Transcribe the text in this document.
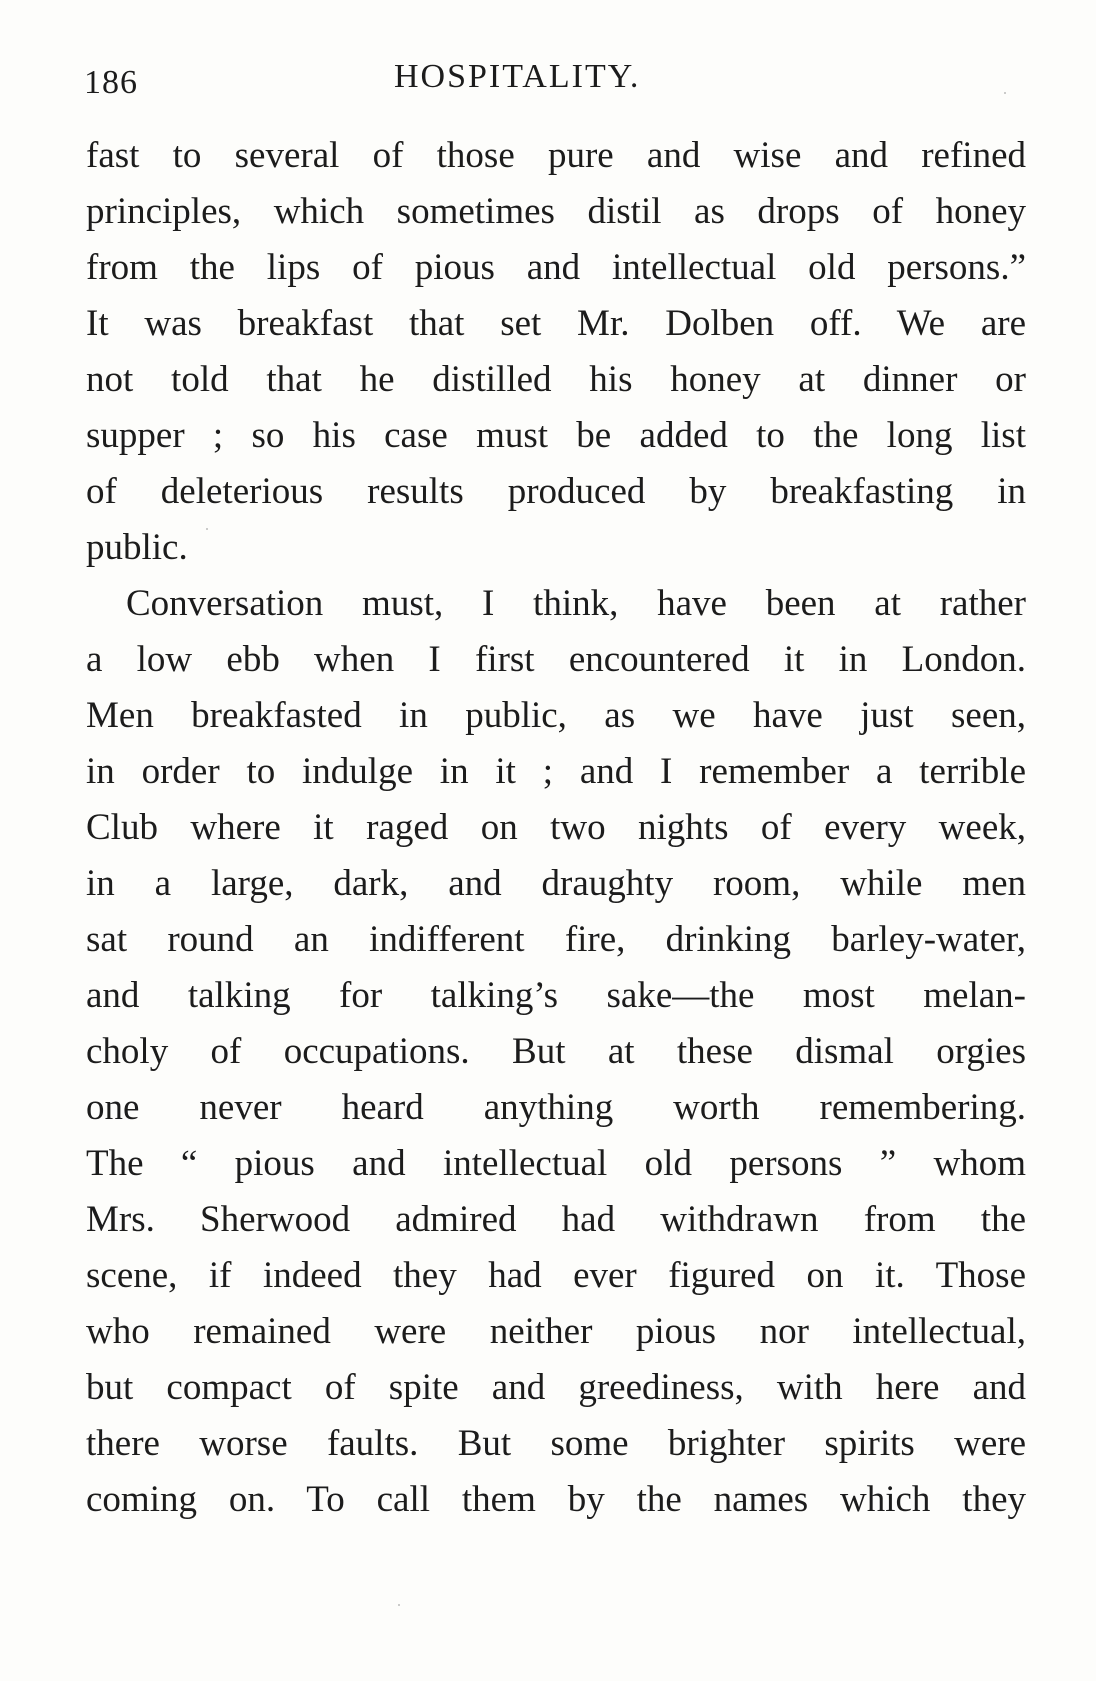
186	HOSPITALITY.
fast to several of those pure and wise and refined
principles, which sometimes distil as drops of honey
from the lips of pious and intellectual old persons.”
It was breakfast that set Mr. Dolben off. We are
not told that he distilled his honey at dinner or
supper ; so his case must be added to the long list
of deleterious results produced by breakfasting in
public.
Conversation must, I think, have been at rather
a low ebb when I first encountered it in London.
Men breakfasted in public, as we have just seen,
in order to indulge in it ; and I remember a terrible
Club where it raged on two nights of every week,
in a large, dark, and draughty room, while men
sat round an indifferent fire, drinking barley-water,
and talking for talking’s sake—the most melan-
choly of occupations. But at these dismal orgies
one never heard anything worth remembering.
The “ pious and intellectual old persons ” whom
Mrs. Sherwood admired had withdrawn from the
scene, if indeed they had ever figured on it. Those
who remained were neither pious nor intellectual,
but compact of spite and greediness, with here and
there worse faults. But some brighter spirits were
coming on. To call them by the names which they
